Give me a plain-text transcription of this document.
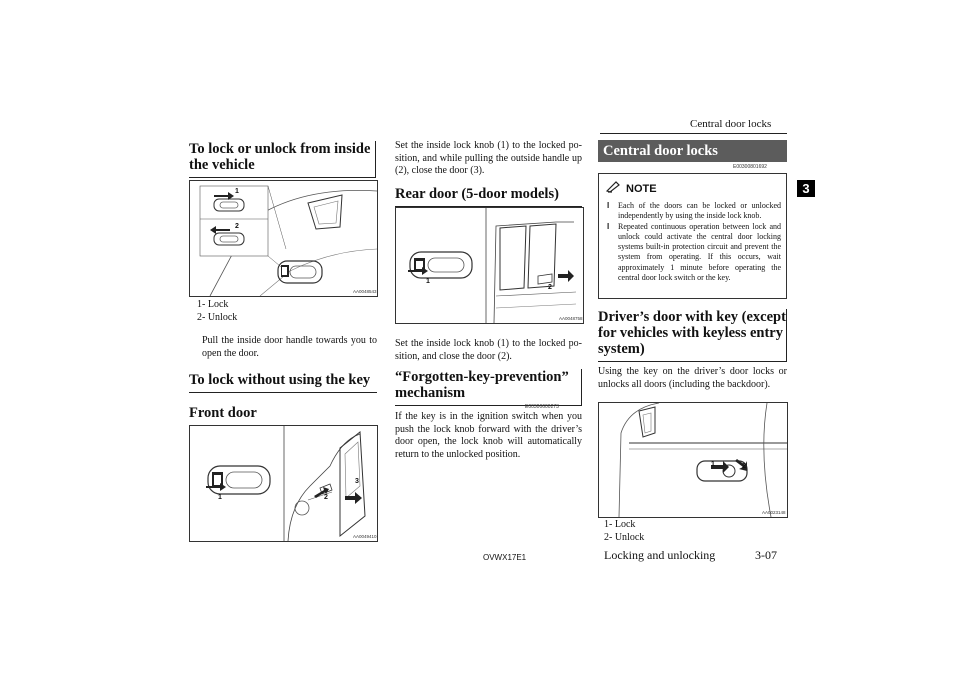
Central door locks
3
To lock or unlock from inside the vehicle
AA0048543
1
2
1- Lock
2- Unlock
Pull the inside door handle towards you to open the door.
To lock without using the key
Front door
AA0049410
1	2
3
Set the inside lock knob (1) to the locked po-sition, and while pulling the outside handle up (2), close the door (3).
Rear door (5-door models)
AA0048758
1
2
Set the inside lock knob (1) to the locked po-sition, and close the door (2).
“Forgotten-key-prevention” mechanism
E00300600273
If the key is in the ignition switch when you push the lock knob forward with the driver’s door open, the lock knob will automatically return to the unlocked position.
Central door locks
E00300801692
NOTE
l Each of the doors can be locked or unlocked independently by using the inside lock knob.
l Repeated continuous operation between lock and unlock could activate the central door locking systems built-in protection circuit and prevent the system from operating. If this occurs, wait approximately 1 minute before operating the central door lock switch or the key.
Driver’s door with key (except for vehicles with keyless entry system)
Using the key on the driver’s door locks or unlocks all doors (including the backdoor).
AA0023148
1	2
1- Lock
2- Unlock
OVWX17E1	Locking and unlocking	3-07
